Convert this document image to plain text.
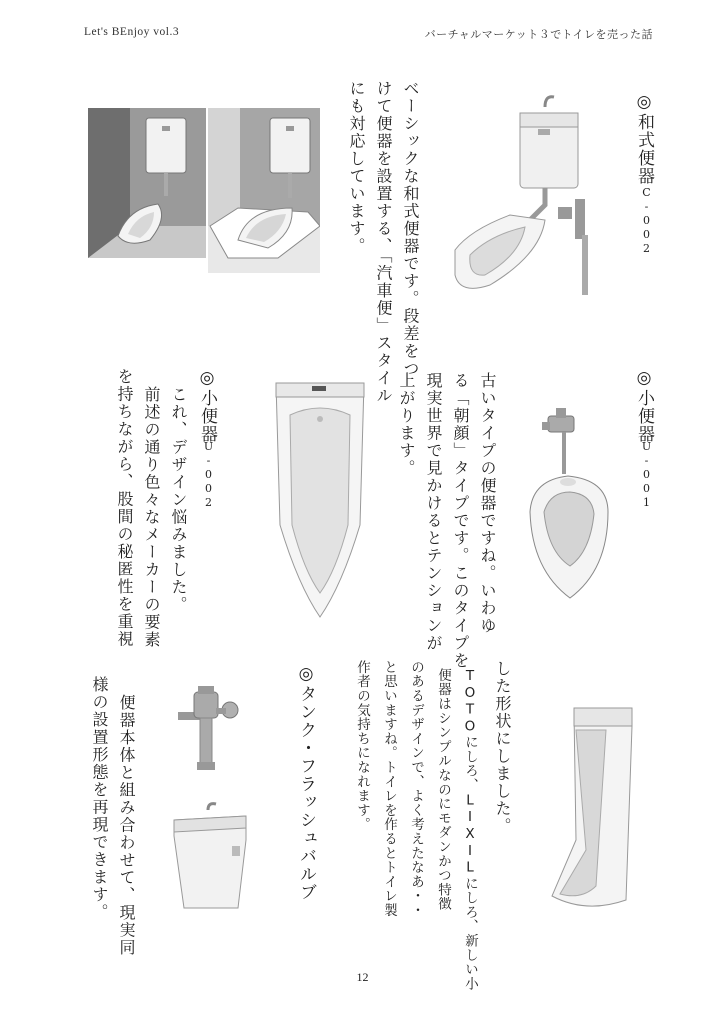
Let's BEnjoy vol.3	バーチャルマーケット３でトイレを売った話
◎和式便器
C-002
ベーシックな和式便器です。段差をつ
けて便器を設置する、「汽車便」スタイル
にも対応しています。
◎小便器
U-001
古いタイプの便器ですね。いわゆ
る「朝顔」タイプです。このタイプを
現実世界で見かけるとテンションが
上がります。
◎小便器
U-002
これ、デザイン悩みました。
前述の通り色々なメーカーの要素
を持ちながら、股間の秘匿性を重視
した形状にしました。
TOTOにしろ、LIXILにしろ、新しい小
便器はシンプルなのにモダンかつ特徴
のあるデザインで、よく考えたなあ・・
と思いますね。トイレを作るとトイレ製
作者の気持ちになれます。
◎タンク・フラッシュバルブ
便器本体と組み合わせて、現実同
様の設置形態を再現できます。
12
